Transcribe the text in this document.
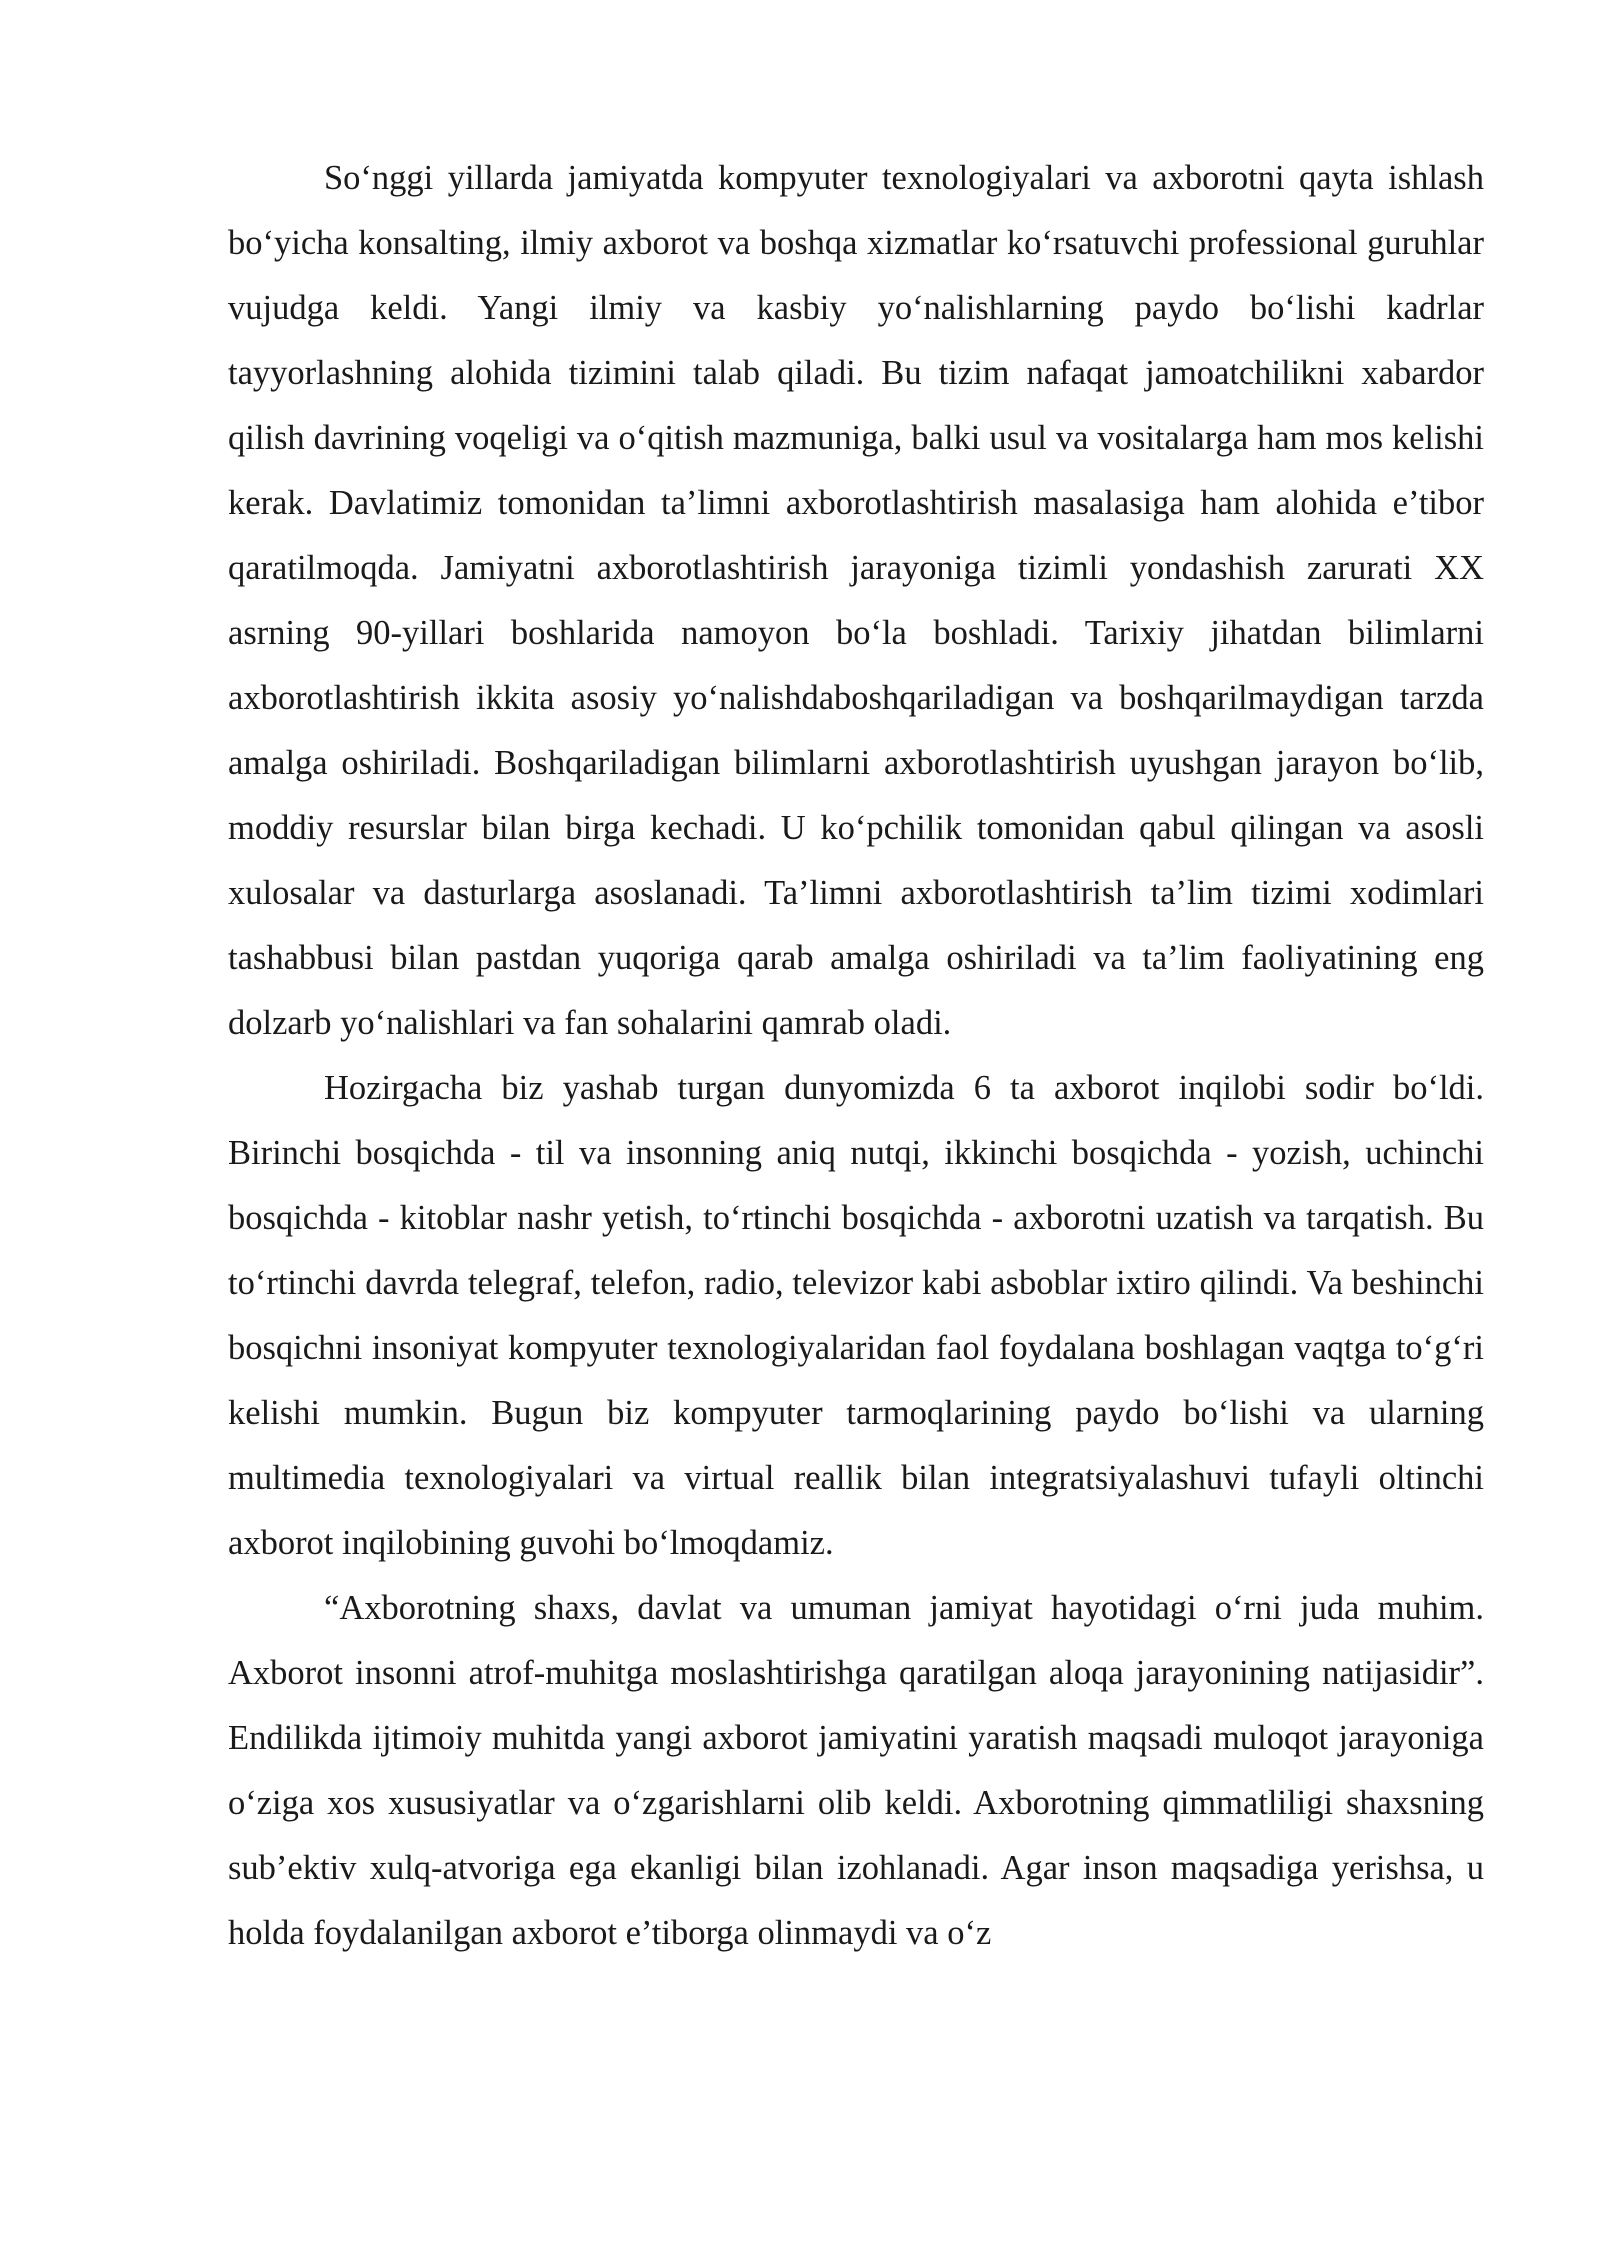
So‘nggi yillarda jamiyatda kompyuter texnologiyalari va axborotni qayta ishlash bo‘yicha konsalting, ilmiy axborot va boshqa xizmatlar ko‘rsatuvchi professional guruhlar vujudga keldi. Yangi ilmiy va kasbiy yo‘nalishlarning paydo bo‘lishi kadrlar tayyorlashning alohida tizimini talab qiladi. Bu tizim nafaqat jamoatchilikni xabardor qilish davrining voqeligi va o‘qitish mazmuniga, balki usul va vositalarga ham mos kelishi kerak. Davlatimiz tomonidan ta’limni axborotlashtirish masalasiga ham alohida e’tibor qaratilmoqda. Jamiyatni axborotlashtirish jarayoniga tizimli yondashish zarurati XX asrning 90-yillari boshlarida namoyon bo‘la boshladi. Tarixiy jihatdan bilimlarni axborotlashtirish ikkita asosiy yo‘nalishdaboshqariladigan va boshqarilmaydigan tarzda amalga oshiriladi. Boshqariladigan bilimlarni axborotlashtirish uyushgan jarayon bo‘lib, moddiy resurslar bilan birga kechadi. U ko‘pchilik tomonidan qabul qilingan va asosli xulosalar va dasturlarga asoslanadi. Ta’limni axborotlashtirish ta’lim tizimi xodimlari tashabbusi bilan pastdan yuqoriga qarab amalga oshiriladi va ta’lim faoliyatining eng dolzarb yo‘nalishlari va fan sohalarini qamrab oladi.

Hozirgacha biz yashab turgan dunyomizda 6 ta axborot inqilobi sodir bo‘ldi. Birinchi bosqichda - til va insonning aniq nutqi, ikkinchi bosqichda - yozish, uchinchi bosqichda - kitoblar nashr yetish, to‘rtinchi bosqichda - axborotni uzatish va tarqatish. Bu to‘rtinchi davrda telegraf, telefon, radio, televizor kabi asboblar ixtiro qilindi. Va beshinchi bosqichni insoniyat kompyuter texnologiyalaridan faol foydalana boshlagan vaqtga to‘g‘ri kelishi mumkin. Bugun biz kompyuter tarmoqlarining paydo bo‘lishi va ularning multimedia texnologiyalari va virtual reallik bilan integratsiyalashuvi tufayli oltinchi axborot inqilobining guvohi bo‘lmoqdamiz.

“Axborotning shaxs, davlat va umuman jamiyat hayotidagi o‘rni juda muhim. Axborot insonni atrof-muhitga moslashtirishga qaratilgan aloqa jarayonining natijasidir”. Endilikda ijtimoiy muhitda yangi axborot jamiyatini yaratish maqsadi muloqot jarayoniga o‘ziga xos xususiyatlar va o‘zgarishlarni olib keldi. Axborotning qimmatliligi shaxsning sub’ektiv xulq-atvoriga ega ekanligi bilan izohlanadi. Agar inson maqsadiga yerishsa, u holda foydalanilgan axborot e’tiborga olinmaydi va o‘z
